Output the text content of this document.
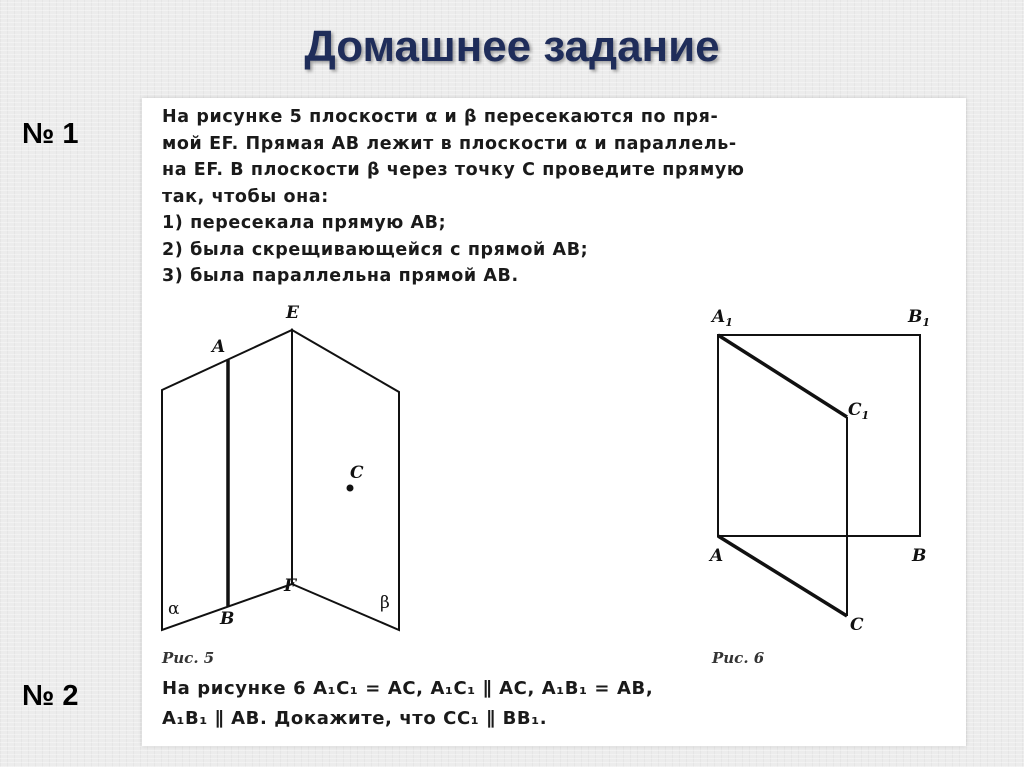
Домашнее задание
№ 1
№ 2

На рисунке 5 плоскости α и β пересекаются по пря-

мой EF. Прямая AB лежит в плоскости α и параллель-

на EF. В плоскости β через точку C проведите прямую

так, чтобы она:

1) пересекала прямую AB;

2) была скрещивающейся с прямой AB;

3) была параллельна прямой AB.

A
B
E
F
C
α	β
Рис. 5
$A_1$	$B_1$
$C_1$
A	B
C
Рис. 6

На рисунке 6 A₁C₁ = AC, A₁C₁ ∥ AC, A₁B₁ = AB,

A₁B₁ ∥ AB. Докажите, что CC₁ ∥ BB₁.
